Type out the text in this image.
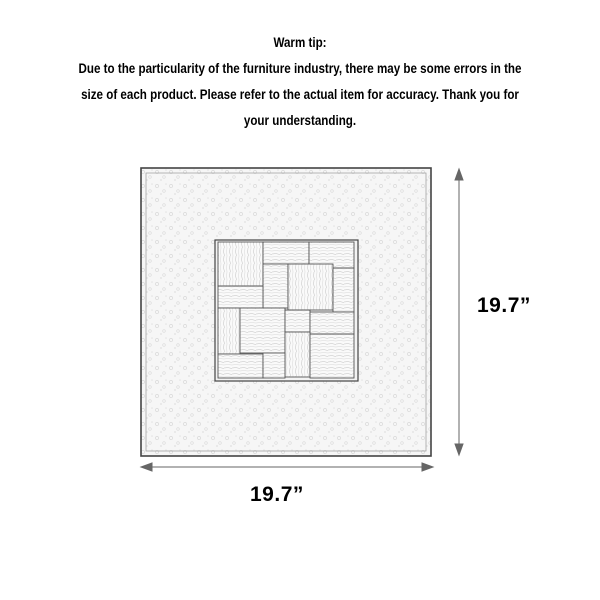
Warm tip:
Due to the particularity of the furniture industry, there may be some errors in the size of each product. Please refer to the actual item for accuracy. Thank you for your understanding.
19.7”
19.7”
